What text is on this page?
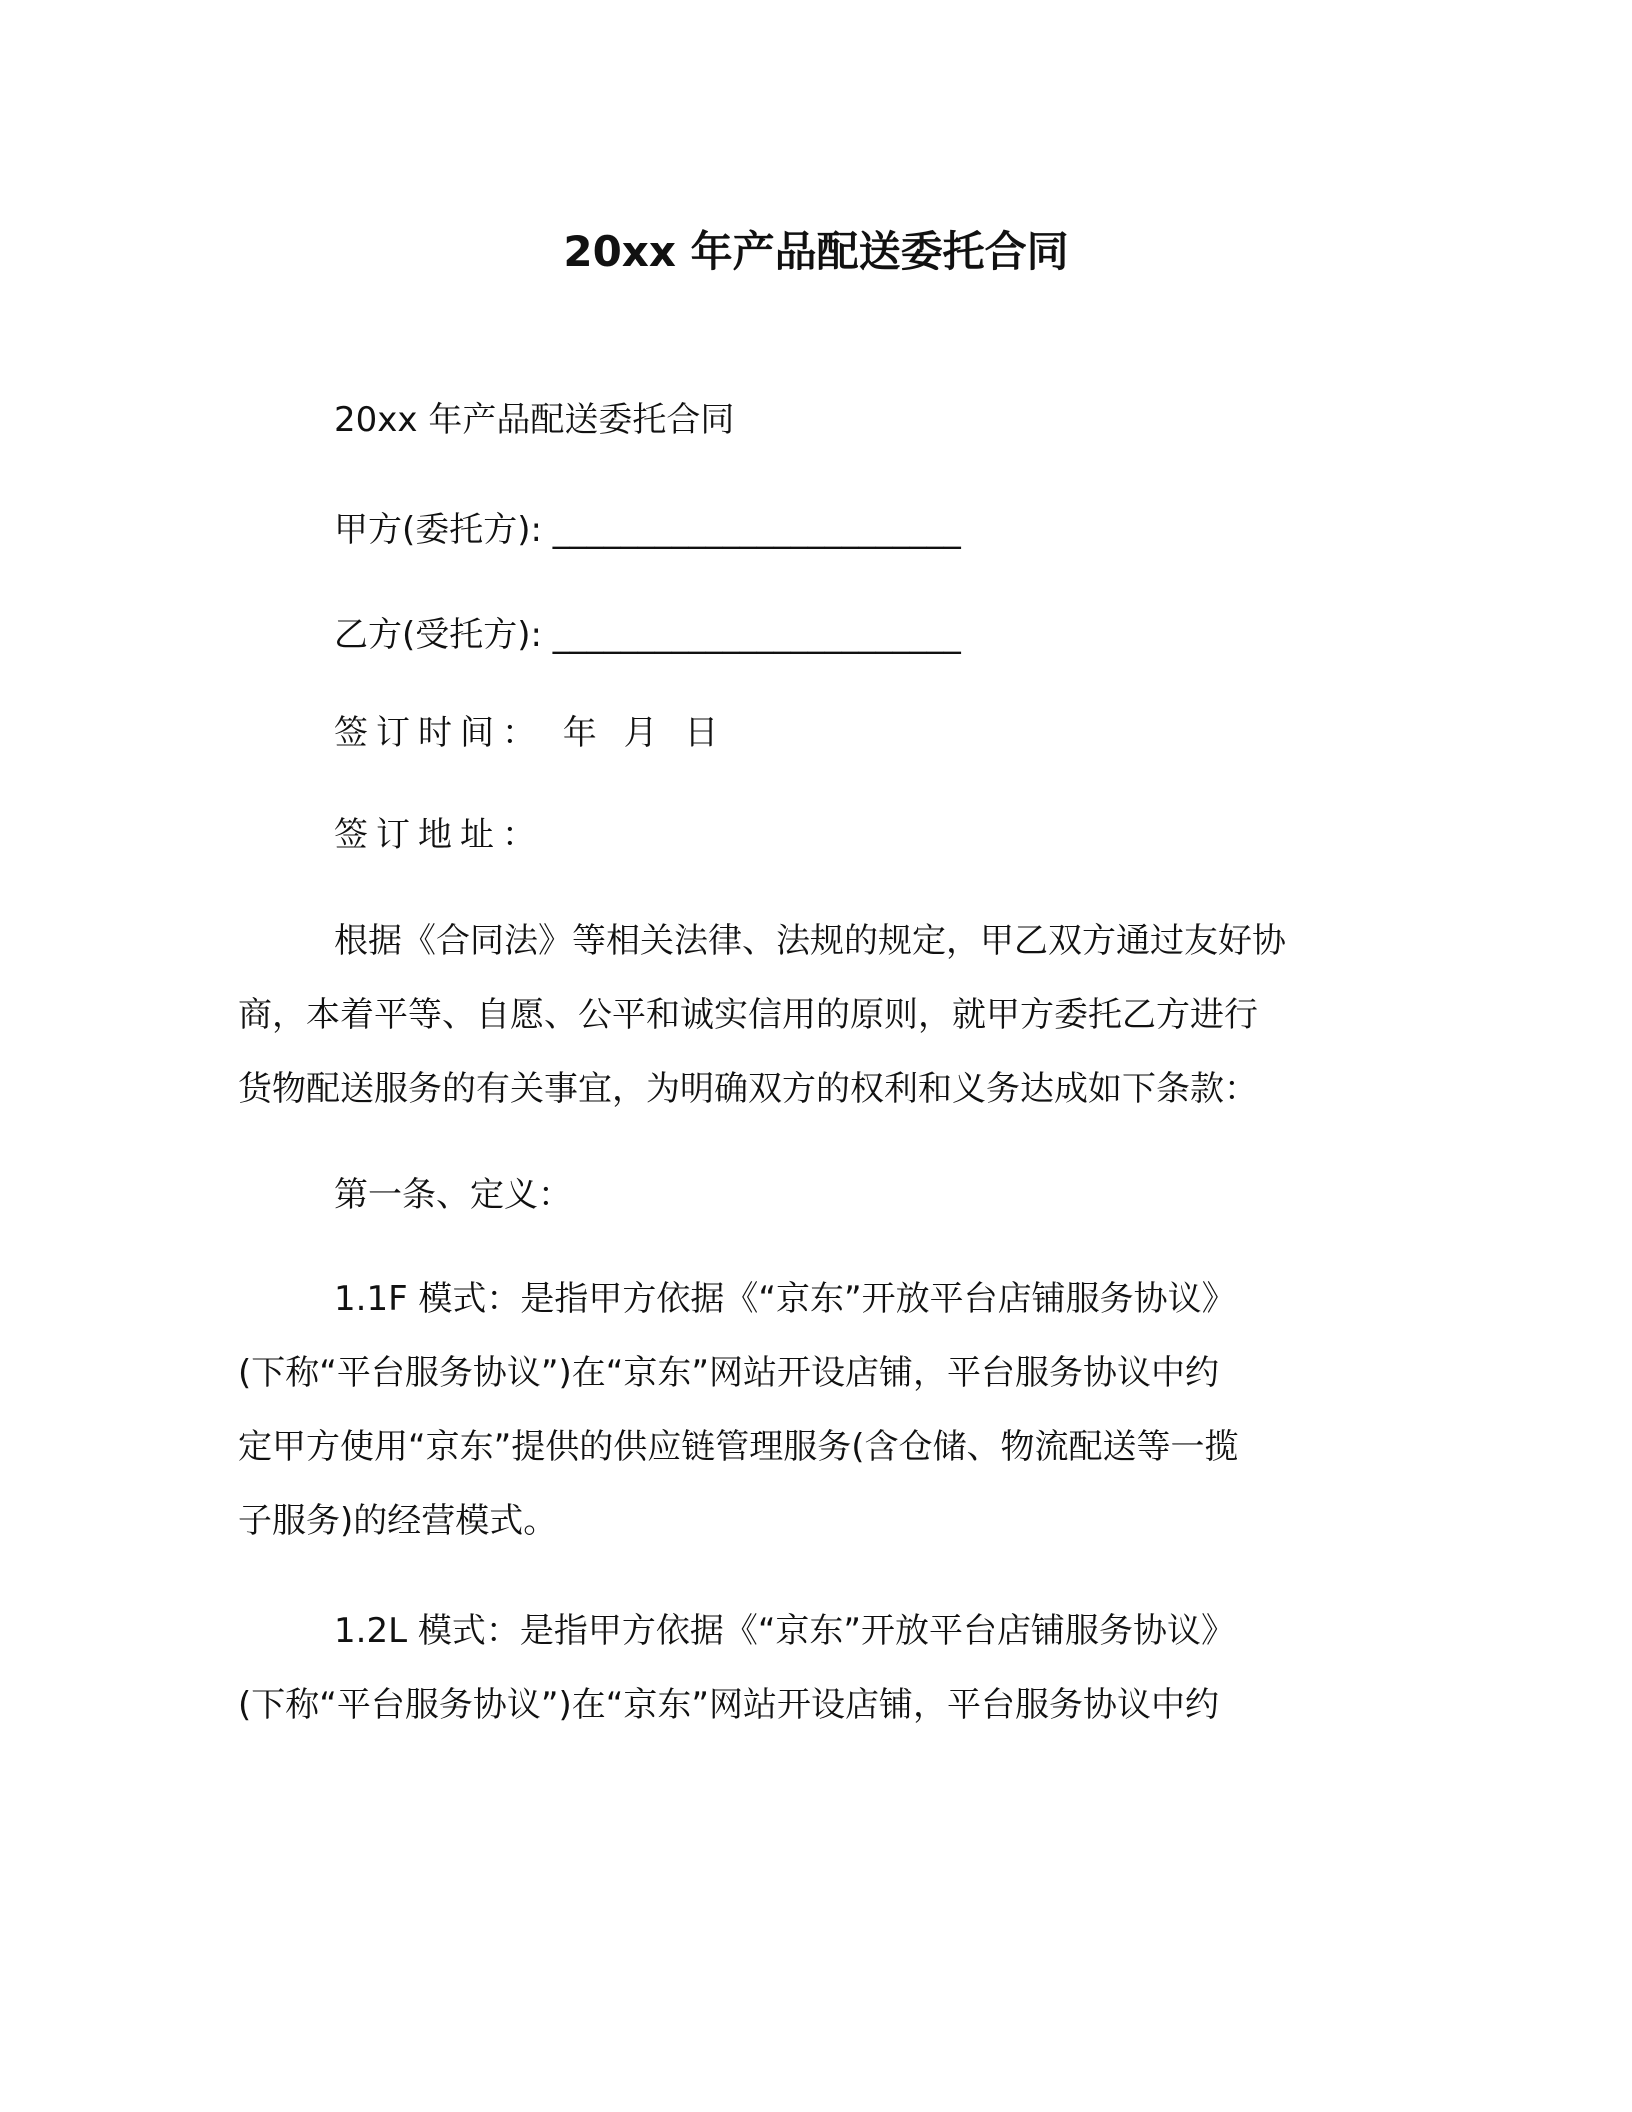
20xx 年产品配送委托合同
20xx 年产品配送委托合同
甲方(委托方): ________________________
乙方(受托方): ________________________
签订时间： 年 月 日
签订地址：
根据《合同法》等相关法律、法规的规定，甲乙双方通过友好协
商，本着平等、自愿、公平和诚实信用的原则，就甲方委托乙方进行
货物配送服务的有关事宜，为明确双方的权利和义务达成如下条款：
第一条、定义：
1.1F 模式：是指甲方依据《“京东”开放平台店铺服务协议》
(下称“平台服务协议”)在“京东”网站开设店铺，平台服务协议中约
定甲方使用“京东”提供的供应链管理服务(含仓储、物流配送等一揽
子服务)的经营模式。
1.2L 模式：是指甲方依据《“京东”开放平台店铺服务协议》
(下称“平台服务协议”)在“京东”网站开设店铺，平台服务协议中约
